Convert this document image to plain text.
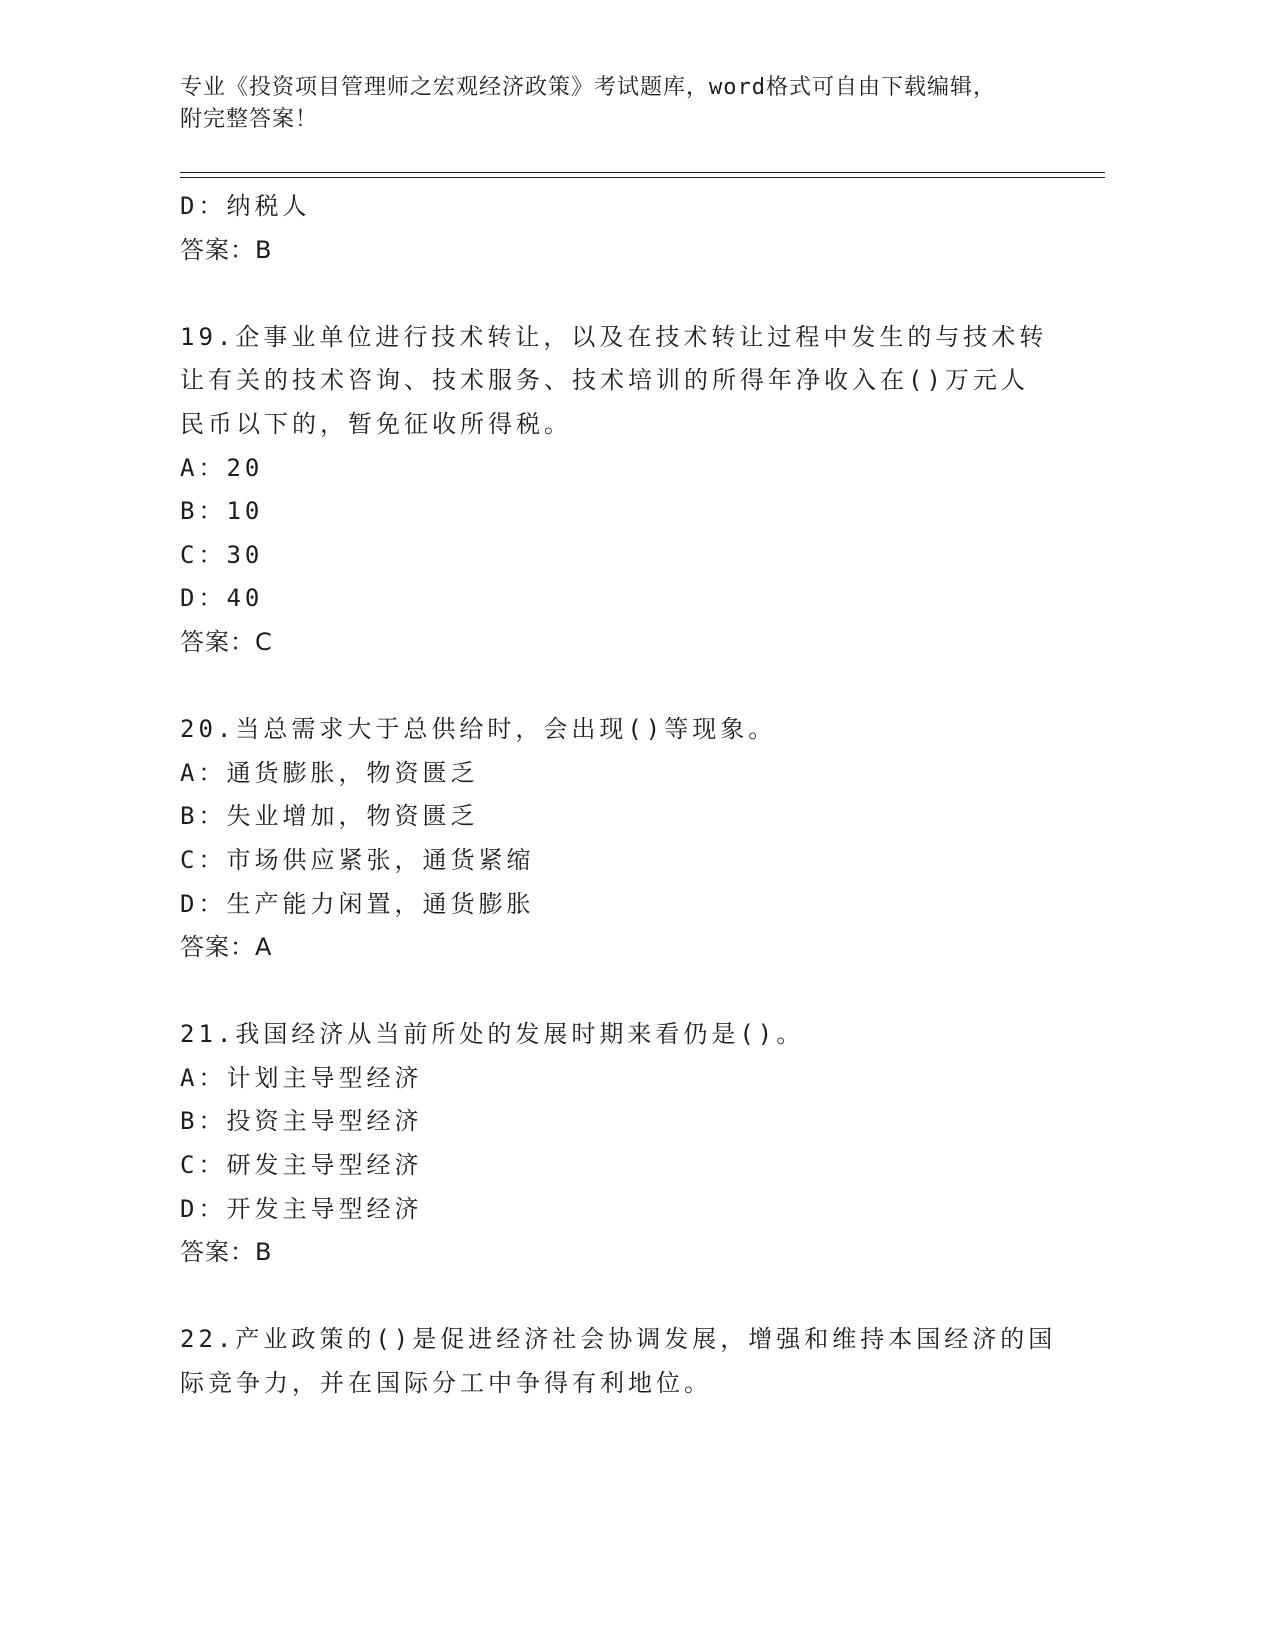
专业《投资项目管理师之宏观经济政策》考试题库，word格式可自由下载编辑，
附完整答案！
D：纳税人
答案：B
19.企事业单位进行技术转让，以及在技术转让过程中发生的与技术转
让有关的技术咨询、技术服务、技术培训的所得年净收入在()万元人
民币以下的，暂免征收所得税。
A：20
B：10
C：30
D：40
答案：C
20.当总需求大于总供给时，会出现()等现象。
A：通货膨胀，物资匮乏
B：失业增加，物资匮乏
C：市场供应紧张，通货紧缩
D：生产能力闲置，通货膨胀
答案：A
21.我国经济从当前所处的发展时期来看仍是()。
A：计划主导型经济
B：投资主导型经济
C：研发主导型经济
D：开发主导型经济
答案：B
22.产业政策的()是促进经济社会协调发展，增强和维持本国经济的国
际竞争力，并在国际分工中争得有利地位。
